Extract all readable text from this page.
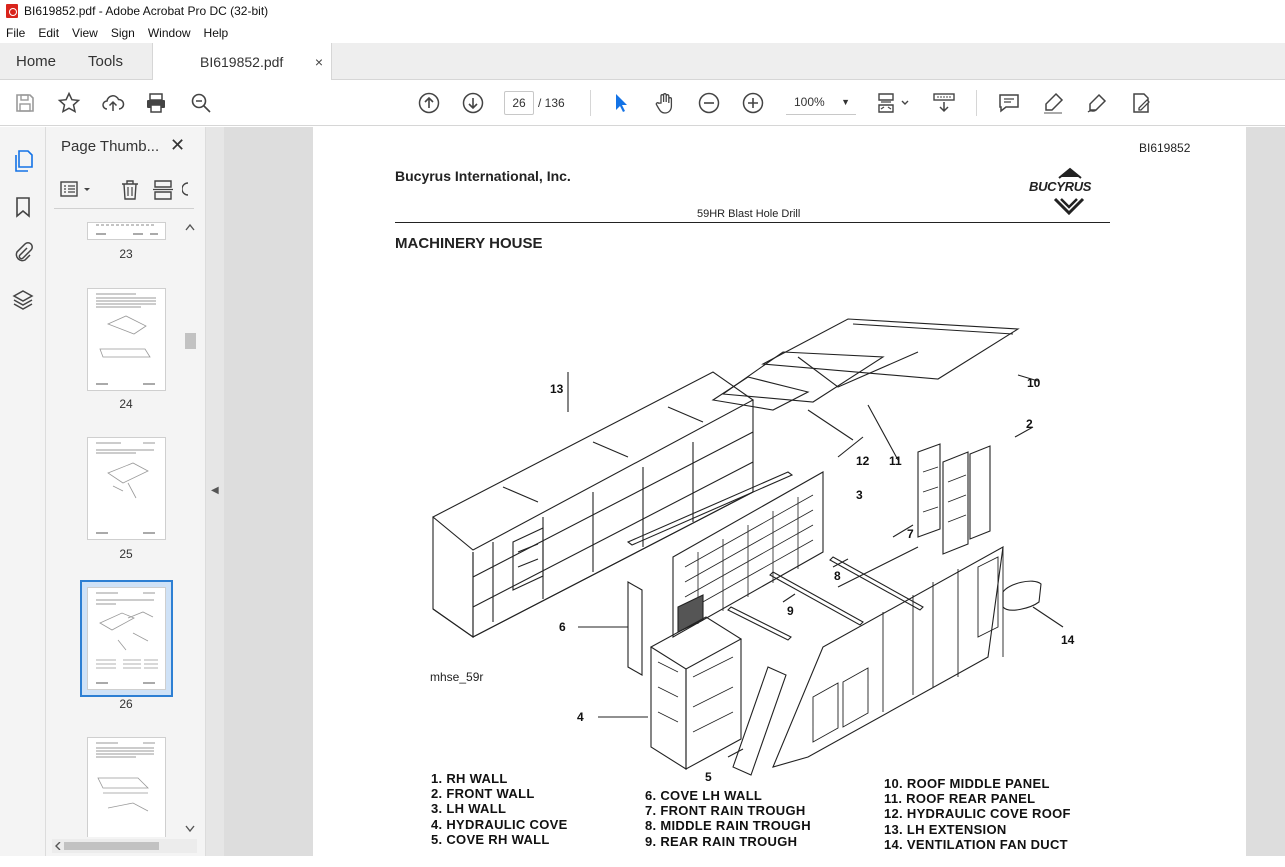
BI619852.pdf - Adobe Acrobat Pro DC (32-bit)
File Edit View Sign Window Help
Home Tools	BI619852.pdf ×
26	/ 136	100% ▼
Page Thumb... ✕
23
24
25
26
◀
BI619852
Bucyrus International, Inc.
BUCYRUS
59HR Blast Hole Drill
MACHINERY HOUSE
13	10
12 11
2
3
7
8
9
6
14
4
5
mhse_59r
1. RH WALL
2. FRONT WALL
3. LH WALL
4. HYDRAULIC COVE
5. COVE RH WALL
6. COVE LH WALL
7. FRONT RAIN TROUGH
8. MIDDLE RAIN TROUGH
9. REAR RAIN TROUGH
10. ROOF MIDDLE PANEL
11. ROOF REAR PANEL
12. HYDRAULIC COVE ROOF
13. LH EXTENSION
14. VENTILATION FAN DUCT
